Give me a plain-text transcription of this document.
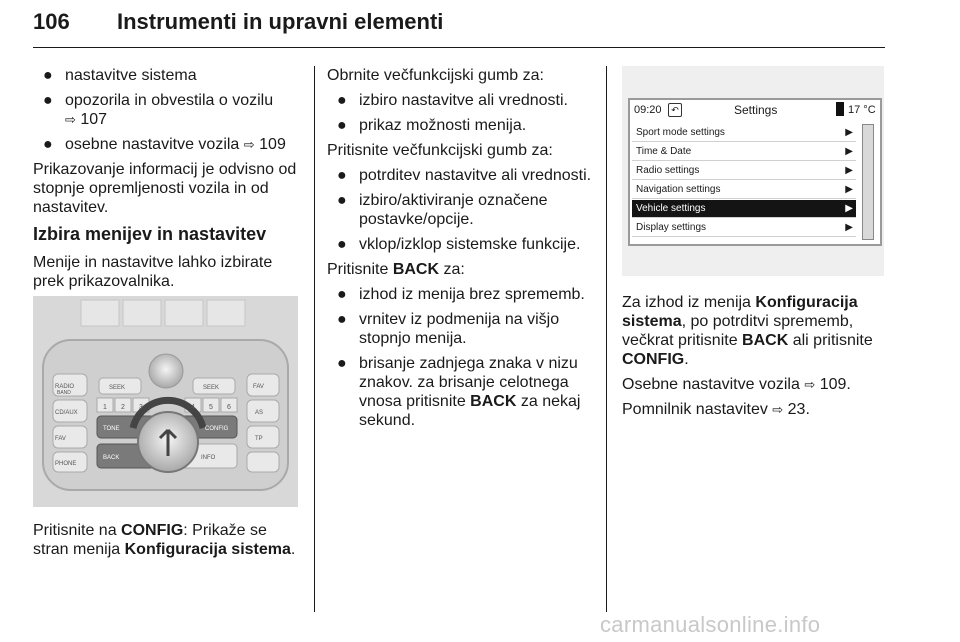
106 Instrumenti in upravni elementi

● nastavitve sistema

● opozorila in obvestila o vozilu
⇨ 107

● osebne nastavitve vozila ⇨ 109

Prikazovanje informacij je odvisno od stopnje opremljenosti vozila in od nastavitev.

Izbira menijev in nastavitev

Menije in nastavitve lahko izbirate prek prikazovalnika.

RADIO
CD/AUX
FAV
PHONE
TONE
BACK
CONFIG
INFO
FAV
AS
TP
1 2 3	4 5 6
BAND
SEEK	SEEK

Pritisnite na CONFIG: Prikaže se stran menija Konfiguracija sistema.

Obrnite večfunkcijski gumb za:

● izbiro nastavitve ali vrednosti.

● prikaz možnosti menija.

Pritisnite večfunkcijski gumb za:

● potrditev nastavitve ali vrednosti.

● izbiro/aktiviranje označene postavke/opcije.

● vklop/izklop sistemske funkcije.

Pritisnite BACK za:

● izhod iz menija brez sprememb.

● vrnitev iz podmenija na višjo stopnjo menija.

● brisanje zadnjega znaka v nizu znakov. za brisanje celotnega vnosa pritisnite BACK za nekaj sekund.

09:20	↶	Settings	17 °C
Sport mode settings	▶
Time & Date	▶
Radio settings	▶
Navigation settings	▶
Vehicle settings	▶
Display settings	▶

Za izhod iz menija Konfiguracija sistema, po potrditvi sprememb, večkrat pritisnite BACK ali pritisnite CONFIG.

Osebne nastavitve vozila ⇨ 109.

Pomnilnik nastavitev ⇨ 23.

carmanualsonline.info
